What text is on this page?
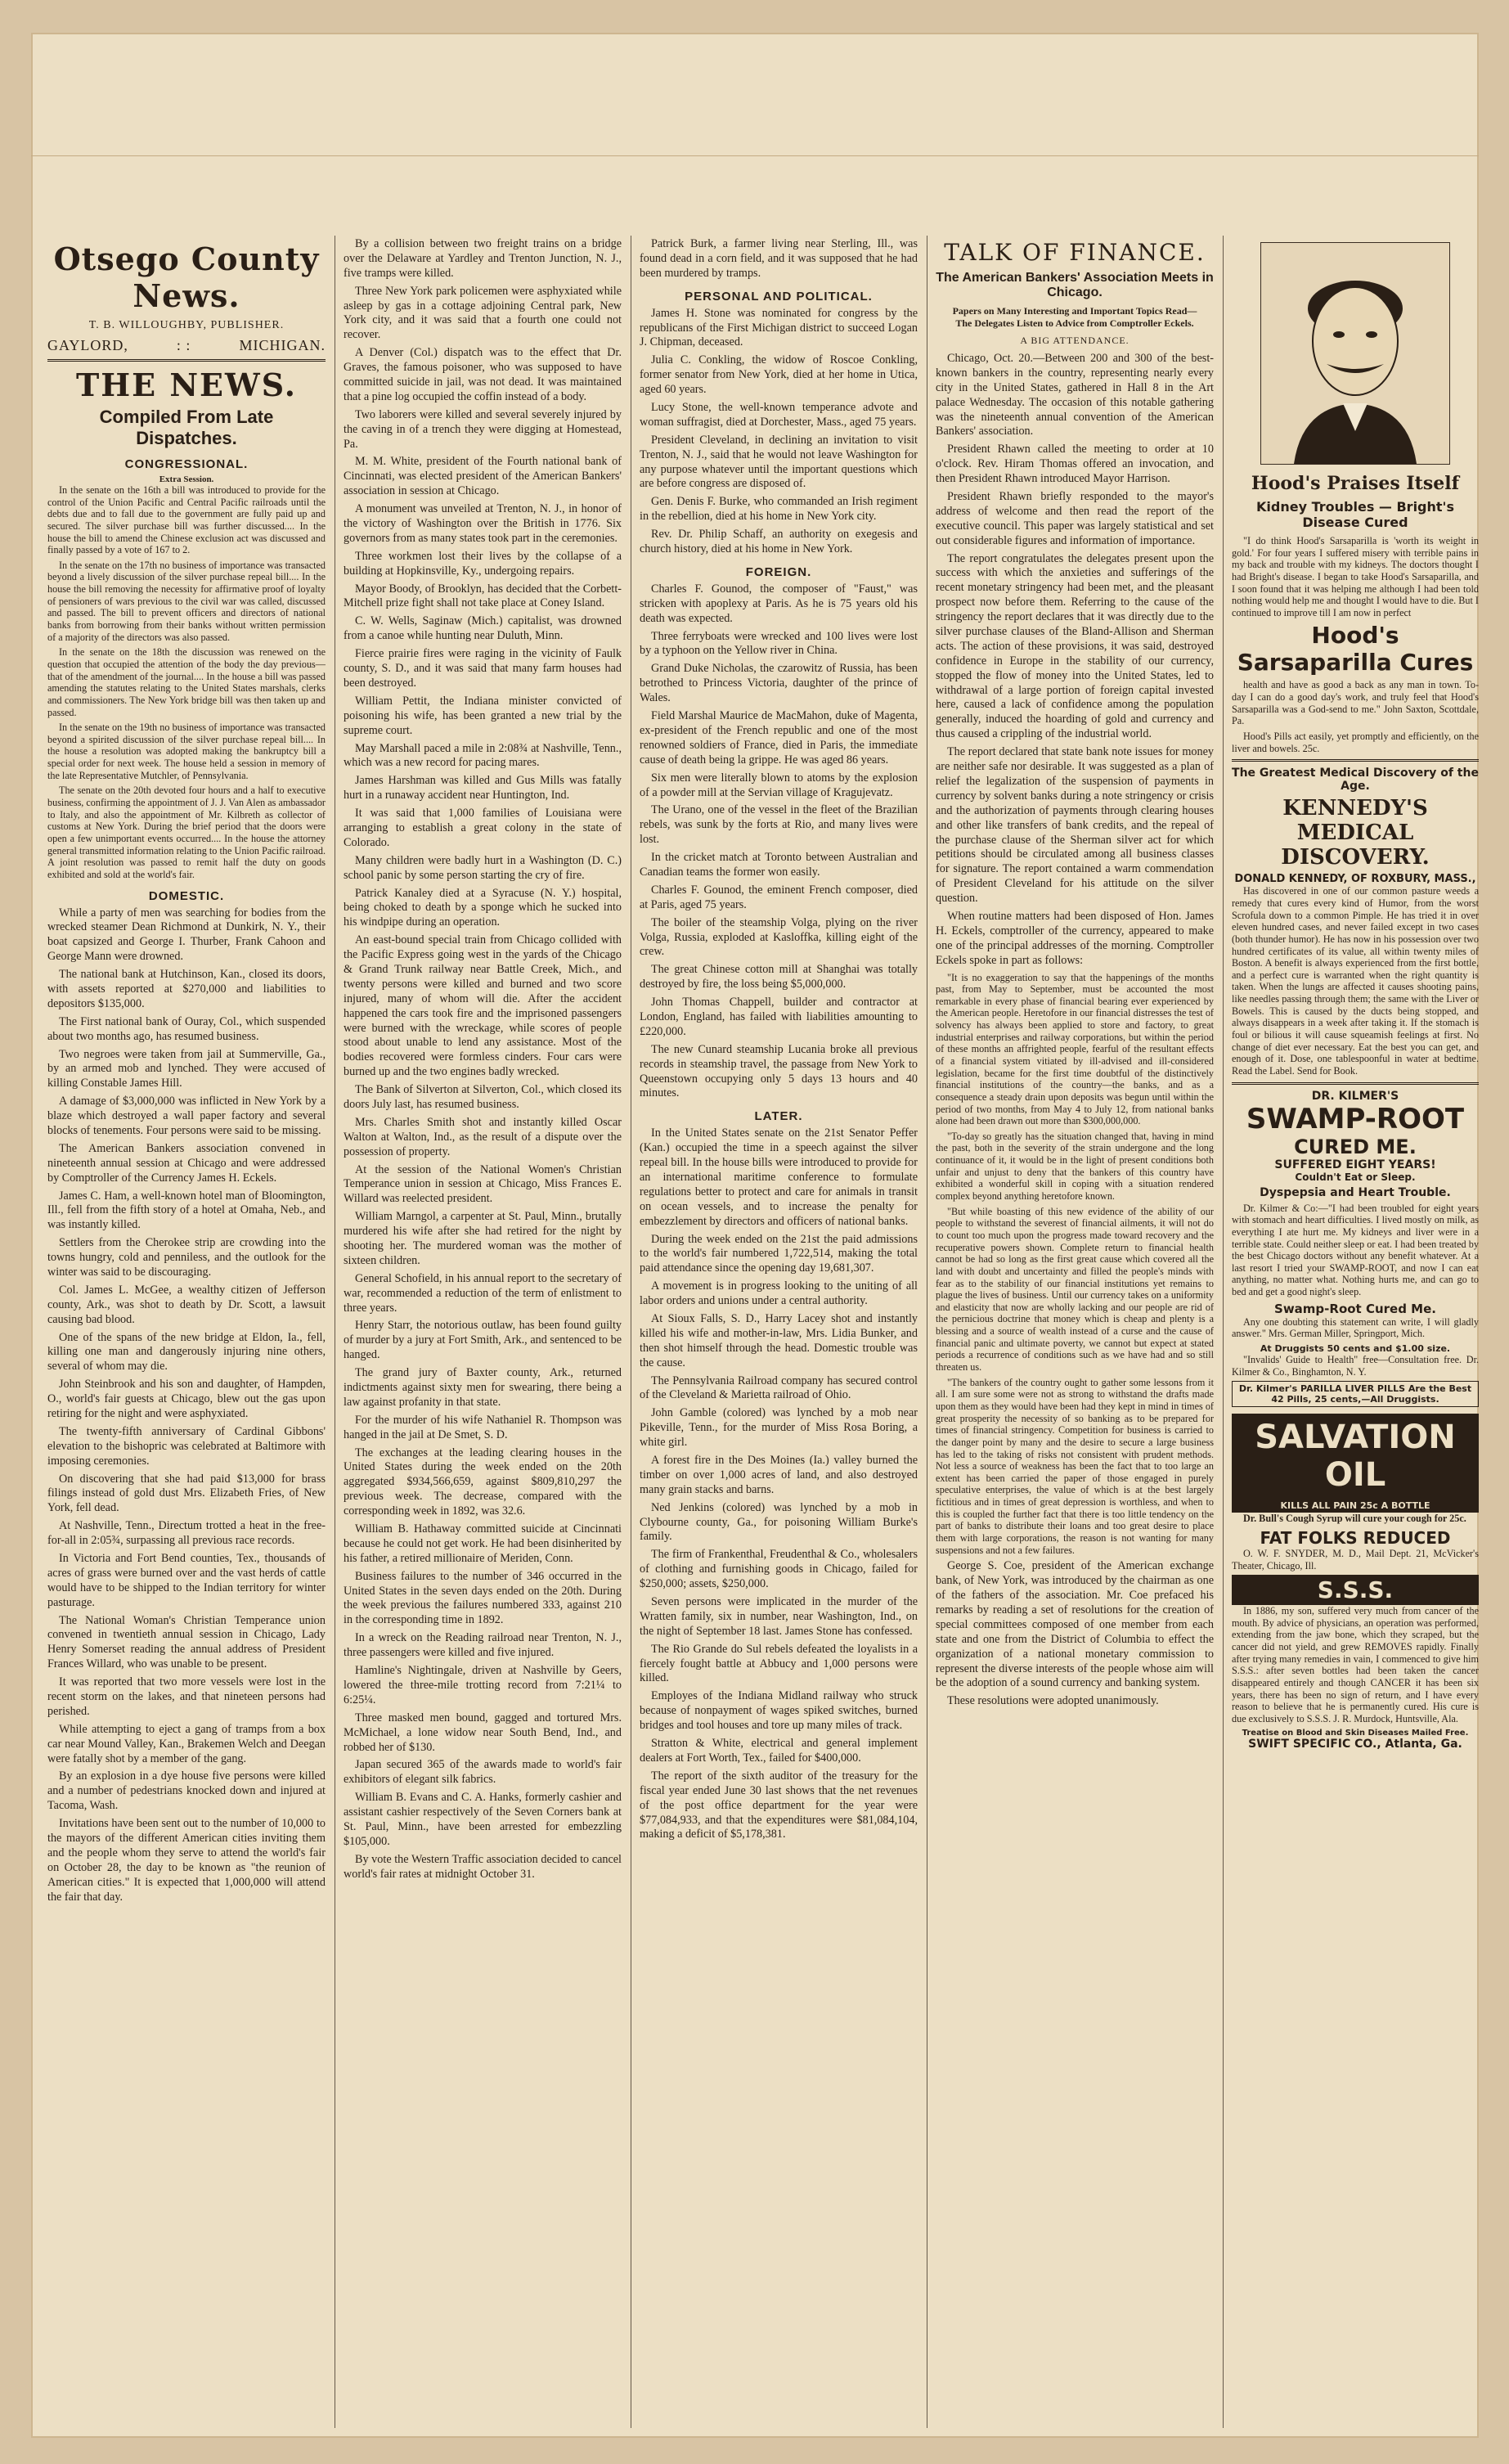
Otsego County News.
T. B. WILLOUGHBY, PUBLISHER.
GAYLORD,	: :	MICHIGAN.
THE NEWS.
Compiled From Late Dispatches.
CONGRESSIONAL.
Extra Session.

In the senate on the 16th a bill was introduced to provide for the control of the Union Pacific and Central Pacific railroads until the debts due and to fall due to the government are fully paid up and secured. The silver purchase bill was further discussed.... In the house the bill to amend the Chinese exclusion act was discussed and finally passed by a vote of 167 to 2.

In the senate on the 17th no business of importance was transacted beyond a lively discussion of the silver purchase repeal bill.... In the house the bill removing the necessity for affirmative proof of loyalty of pensioners of wars previous to the civil war was called, discussed and passed. The bill to prevent officers and directors of national banks from borrowing from their banks without written permission of a majority of the directors was also passed.

In the senate on the 18th the discussion was renewed on the question that occupied the attention of the body the day previous—that of the amendment of the journal.... In the house a bill was passed amending the statutes relating to the United States marshals, clerks and commissioners. The New York bridge bill was then taken up and passed.

In the senate on the 19th no business of importance was transacted beyond a spirited discussion of the silver purchase repeal bill.... In the house a resolution was adopted making the bankruptcy bill a special order for next week. The house held a session in memory of the late Representative Mutchler, of Pennsylvania.

The senate on the 20th devoted four hours and a half to executive business, confirming the appointment of J. J. Van Alen as ambassador to Italy, and also the appointment of Mr. Kilbreth as collector of customs at New York. During the brief period that the doors were open a few unimportant events occurred.... In the house the attorney general transmitted information relating to the Union Pacific railroad. A joint resolution was passed to remit half the duty on goods exhibited and sold at the world's fair.

DOMESTIC.

While a party of men was searching for bodies from the wrecked steamer Dean Richmond at Dunkirk, N. Y., their boat capsized and George I. Thurber, Frank Cahoon and George Mann were drowned.

The national bank at Hutchinson, Kan., closed its doors, with assets reported at $270,000 and liabilities to depositors $135,000.

The First national bank of Ouray, Col., which suspended about two months ago, has resumed business.

Two negroes were taken from jail at Summerville, Ga., by an armed mob and lynched. They were accused of killing Constable James Hill.

A damage of $3,000,000 was inflicted in New York by a blaze which destroyed a wall paper factory and several blocks of tenements. Four persons were said to be missing.

The American Bankers association convened in nineteenth annual session at Chicago and were addressed by Comptroller of the Currency James H. Eckels.

James C. Ham, a well-known hotel man of Bloomington, Ill., fell from the fifth story of a hotel at Omaha, Neb., and was instantly killed.

Settlers from the Cherokee strip are crowding into the towns hungry, cold and penniless, and the outlook for the winter was said to be discouraging.

Col. James L. McGee, a wealthy citizen of Jefferson county, Ark., was shot to death by Dr. Scott, a lawsuit causing bad blood.

One of the spans of the new bridge at Eldon, Ia., fell, killing one man and dangerously injuring nine others, several of whom may die.

John Steinbrook and his son and daughter, of Hampden, O., world's fair guests at Chicago, blew out the gas upon retiring for the night and were asphyxiated.

The twenty-fifth anniversary of Cardinal Gibbons' elevation to the bishopric was celebrated at Baltimore with imposing ceremonies.

On discovering that she had paid $13,000 for brass filings instead of gold dust Mrs. Elizabeth Fries, of New York, fell dead.

At Nashville, Tenn., Directum trotted a heat in the free-for-all in 2:05¾, surpassing all previous race records.

In Victoria and Fort Bend counties, Tex., thousands of acres of grass were burned over and the vast herds of cattle would have to be shipped to the Indian territory for winter pasturage.

The National Woman's Christian Temperance union convened in twentieth annual session in Chicago, Lady Henry Somerset reading the annual address of President Frances Willard, who was unable to be present.

It was reported that two more vessels were lost in the recent storm on the lakes, and that nineteen persons had perished.

While attempting to eject a gang of tramps from a box car near Mound Valley, Kan., Brakemen Welch and Deegan were fatally shot by a member of the gang.

By an explosion in a dye house five persons were killed and a number of pedestrians knocked down and injured at Tacoma, Wash.

Invitations have been sent out to the number of 10,000 to the mayors of the different American cities inviting them and the people whom they serve to attend the world's fair on October 28, the day to be known as "the reunion of American cities." It is expected that 1,000,000 will attend the fair that day.

By a collision between two freight trains on a bridge over the Delaware at Yardley and Trenton Junction, N. J., five tramps were killed.

Three New York park policemen were asphyxiated while asleep by gas in a cottage adjoining Central park, New York city, and it was said that a fourth one could not recover.

A Denver (Col.) dispatch was to the effect that Dr. Graves, the famous poisoner, who was supposed to have committed suicide in jail, was not dead. It was maintained that a pine log occupied the coffin instead of a body.

Two laborers were killed and several severely injured by the caving in of a trench they were digging at Homestead, Pa.

M. M. White, president of the Fourth national bank of Cincinnati, was elected president of the American Bankers' association in session at Chicago.

A monument was unveiled at Trenton, N. J., in honor of the victory of Washington over the British in 1776. Six governors from as many states took part in the ceremonies.

Three workmen lost their lives by the collapse of a building at Hopkinsville, Ky., undergoing repairs.

Mayor Boody, of Brooklyn, has decided that the Corbett-Mitchell prize fight shall not take place at Coney Island.

C. W. Wells, Saginaw (Mich.) capitalist, was drowned from a canoe while hunting near Duluth, Minn.

Fierce prairie fires were raging in the vicinity of Faulk county, S. D., and it was said that many farm houses had been destroyed.

William Pettit, the Indiana minister convicted of poisoning his wife, has been granted a new trial by the supreme court.

May Marshall paced a mile in 2:08¾ at Nashville, Tenn., which was a new record for pacing mares.

James Harshman was killed and Gus Mills was fatally hurt in a runaway accident near Huntington, Ind.

It was said that 1,000 families of Louisiana were arranging to establish a great colony in the state of Colorado.

Many children were badly hurt in a Washington (D. C.) school panic by some person starting the cry of fire.

Patrick Kanaley died at a Syracuse (N. Y.) hospital, being choked to death by a sponge which he sucked into his windpipe during an operation.

An east-bound special train from Chicago collided with the Pacific Express going west in the yards of the Chicago & Grand Trunk railway near Battle Creek, Mich., and twenty persons were killed and burned and two score injured, many of whom will die. After the accident happened the cars took fire and the imprisoned passengers were burned with the wreckage, while scores of people stood about unable to lend any assistance. Most of the bodies recovered were formless cinders. Four cars were burned up and the two engines badly wrecked.

The Bank of Silverton at Silverton, Col., which closed its doors July last, has resumed business.

Mrs. Charles Smith shot and instantly killed Oscar Walton at Walton, Ind., as the result of a dispute over the possession of property.

At the session of the National Women's Christian Temperance union in session at Chicago, Miss Frances E. Willard was reelected president.

William Marngol, a carpenter at St. Paul, Minn., brutally murdered his wife after she had retired for the night by shooting her. The murdered woman was the mother of sixteen children.

General Schofield, in his annual report to the secretary of war, recommended a reduction of the term of enlistment to three years.

Henry Starr, the notorious outlaw, has been found guilty of murder by a jury at Fort Smith, Ark., and sentenced to be hanged.

The grand jury of Baxter county, Ark., returned indictments against sixty men for swearing, there being a law against profanity in that state.

For the murder of his wife Nathaniel R. Thompson was hanged in the jail at De Smet, S. D.

The exchanges at the leading clearing houses in the United States during the week ended on the 20th aggregated $934,566,659, against $809,810,297 the previous week. The decrease, compared with the corresponding week in 1892, was 32.6.

William B. Hathaway committed suicide at Cincinnati because he could not get work. He had been disinherited by his father, a retired millionaire of Meriden, Conn.

Business failures to the number of 346 occurred in the United States in the seven days ended on the 20th. During the week previous the failures numbered 333, against 210 in the corresponding time in 1892.

In a wreck on the Reading railroad near Trenton, N. J., three passengers were killed and five injured.

Hamline's Nightingale, driven at Nashville by Geers, lowered the three-mile trotting record from 7:21¼ to 6:25¼.

Three masked men bound, gagged and tortured Mrs. McMichael, a lone widow near South Bend, Ind., and robbed her of $130.

Japan secured 365 of the awards made to world's fair exhibitors of elegant silk fabrics.

William B. Evans and C. A. Hanks, formerly cashier and assistant cashier respectively of the Seven Corners bank at St. Paul, Minn., have been arrested for embezzling $105,000.

By vote the Western Traffic association decided to cancel world's fair rates at midnight October 31.

Patrick Burk, a farmer living near Sterling, Ill., was found dead in a corn field, and it was supposed that he had been murdered by tramps.

PERSONAL AND POLITICAL.

James H. Stone was nominated for congress by the republicans of the First Michigan district to succeed Logan J. Chipman, deceased.

Julia C. Conkling, the widow of Roscoe Conkling, former senator from New York, died at her home in Utica, aged 60 years.

Lucy Stone, the well-known temperance advote and woman suffragist, died at Dorchester, Mass., aged 75 years.

President Cleveland, in declining an invitation to visit Trenton, N. J., said that he would not leave Washington for any purpose whatever until the important questions which are before congress are disposed of.

Gen. Denis F. Burke, who commanded an Irish regiment in the rebellion, died at his home in New York city.

Rev. Dr. Philip Schaff, an authority on exegesis and church history, died at his home in New York.

FOREIGN.

Charles F. Gounod, the composer of "Faust," was stricken with apoplexy at Paris. As he is 75 years old his death was expected.

Three ferryboats were wrecked and 100 lives were lost by a typhoon on the Yellow river in China.

Grand Duke Nicholas, the czarowitz of Russia, has been betrothed to Princess Victoria, daughter of the prince of Wales.

Field Marshal Maurice de MacMahon, duke of Magenta, ex-president of the French republic and one of the most renowned soldiers of France, died in Paris, the immediate cause of death being la grippe. He was aged 86 years.

Six men were literally blown to atoms by the explosion of a powder mill at the Servian village of Kragujevatz.

The Urano, one of the vessel in the fleet of the Brazilian rebels, was sunk by the forts at Rio, and many lives were lost.

In the cricket match at Toronto between Australian and Canadian teams the former won easily.

Charles F. Gounod, the eminent French composer, died at Paris, aged 75 years.

The boiler of the steamship Volga, plying on the river Volga, Russia, exploded at Kasloffka, killing eight of the crew.

The great Chinese cotton mill at Shanghai was totally destroyed by fire, the loss being $5,000,000.

John Thomas Chappell, builder and contractor at London, England, has failed with liabilities amounting to £220,000.

The new Cunard steamship Lucania broke all previous records in steamship travel, the passage from New York to Queenstown occupying only 5 days 13 hours and 40 minutes.

LATER.

In the United States senate on the 21st Senator Peffer (Kan.) occupied the time in a speech against the silver repeal bill. In the house bills were introduced to provide for an international maritime conference to formulate regulations better to protect and care for animals in transit on ocean vessels, and to increase the penalty for embezzlement by directors and officers of national banks.

During the week ended on the 21st the paid admissions to the world's fair numbered 1,722,514, making the total paid attendance since the opening day 19,681,307.

A movement is in progress looking to the uniting of all labor orders and unions under a central authority.

At Sioux Falls, S. D., Harry Lacey shot and instantly killed his wife and mother-in-law, Mrs. Lidia Bunker, and then shot himself through the head. Domestic trouble was the cause.

The Pennsylvania Railroad company has secured control of the Cleveland & Marietta railroad of Ohio.

John Gamble (colored) was lynched by a mob near Pikeville, Tenn., for the murder of Miss Rosa Boring, a white girl.

A forest fire in the Des Moines (Ia.) valley burned the timber on over 1,000 acres of land, and also destroyed many grain stacks and barns.

Ned Jenkins (colored) was lynched by a mob in Clybourne county, Ga., for poisoning William Burke's family.

The firm of Frankenthal, Freudenthal & Co., wholesalers of clothing and furnishing goods in Chicago, failed for $250,000; assets, $250,000.

Seven persons were implicated in the murder of the Wratten family, six in number, near Washington, Ind., on the night of September 18 last. James Stone has confessed.

The Rio Grande do Sul rebels defeated the loyalists in a fiercely fought battle at Abbucy and 1,000 persons were killed.

Employes of the Indiana Midland railway who struck because of nonpayment of wages spiked switches, burned bridges and tool houses and tore up many miles of track.

Stratton & White, electrical and general implement dealers at Fort Worth, Tex., failed for $400,000.

The report of the sixth auditor of the treasury for the fiscal year ended June 30 last shows that the net revenues of the post office department for the year were $77,084,933, and that the expenditures were $81,084,104, making a deficit of $5,178,381.

TALK OF FINANCE.
The American Bankers' Association Meets in Chicago.
Papers on Many Interesting and Important Topics Read—The Delegates Listen to Advice from Comptroller Eckels.
A BIG ATTENDANCE.

Chicago, Oct. 20.—Between 200 and 300 of the best-known bankers in the country, representing nearly every city in the United States, gathered in Hall 8 in the Art palace Wednesday. The occasion of this notable gathering was the nineteenth annual convention of the American Bankers' association.

President Rhawn called the meeting to order at 10 o'clock. Rev. Hiram Thomas offered an invocation, and then President Rhawn introduced Mayor Harrison.

President Rhawn briefly responded to the mayor's address of welcome and then read the report of the executive council. This paper was largely statistical and set out considerable figures and information of importance.

The report congratulates the delegates present upon the success with which the anxieties and sufferings of the recent monetary stringency had been met, and the pleasant prospect now before them. Referring to the cause of the stringency the report declares that it was directly due to the silver purchase clauses of the Bland-Allison and Sherman acts. The action of these provisions, it was said, destroyed confidence in Europe in the stability of our currency, stopped the flow of money into the United States, led to withdrawal of a large portion of foreign capital invested here, caused a lack of confidence among the population generally, induced the hoarding of gold and currency and thus caused a crippling of the industrial world.

The report declared that state bank note issues for money are neither safe nor desirable. It was suggested as a plan of relief the legalization of the suspension of payments in currency by solvent banks during a note stringency or crisis and the authorization of payments through clearing houses and other like transfers of bank credits, and the repeal of the purchase clause of the Sherman silver act for which petitions should be circulated among all business classes for signature. The report contained a warm commendation of President Cleveland for his attitude on the silver question.

When routine matters had been disposed of Hon. James H. Eckels, comptroller of the currency, appeared to make one of the principal addresses of the morning. Comptroller Eckels spoke in part as follows:

"It is no exaggeration to say that the happenings of the months past, from May to September, must be accounted the most remarkable in every phase of financial bearing ever experienced by the American people. Heretofore in our financial distresses the test of solvency has always been applied to store and factory, to great industrial enterprises and railway corporations, but within the period of these months an affrighted people, fearful of the resultant effects of a financial system vitiated by ill-advised and ill-considered legislation, became for the first time doubtful of the distinctively financial institutions of the country—the banks, and as a consequence a steady drain upon deposits was begun until within the period of two months, from May 4 to July 12, from national banks alone had been drawn out more than $300,000,000.

"To-day so greatly has the situation changed that, having in mind the past, both in the severity of the strain undergone and the long continuance of it, it would be in the light of present conditions both unfair and unjust to deny that the bankers of this country have exhibited a wonderful skill in coping with a situation rendered complex beyond anything heretofore known.

"But while boasting of this new evidence of the ability of our people to withstand the severest of financial ailments, it will not do to count too much upon the progress made toward recovery and the recuperative powers shown. Complete return to financial health cannot be had so long as the first great cause which covered all the land with doubt and uncertainty and filled the people's minds with fear as to the stability of our financial institutions yet remains to plague the lives of business. Until our currency takes on a uniformity and elasticity that now are wholly lacking and our people are rid of the pernicious doctrine that money which is cheap and plenty is a blessing and a source of wealth instead of a curse and the cause of financial panic and ultimate poverty, we cannot but expect at stated periods a recurrence of conditions such as we have had and so still threaten us.

"The bankers of the country ought to gather some lessons from it all. I am sure some were not as strong to withstand the drafts made upon them as they would have been had they kept in mind in times of great prosperity the necessity of so banking as to be prepared for times of financial stringency. Competition for business is carried to the danger point by many and the desire to secure a large business has led to the taking of risks not consistent with prudent methods. Not less a source of weakness has been the fact that to too large an extent has been carried the paper of those engaged in purely speculative enterprises, the value of which is at the best largely fictitious and in times of great depression is worthless, and when to this is coupled the further fact that there is too little tendency on the part of banks to distribute their loans and too great desire to place them with large corporations, the reason is not wanting for many suspensions and not a few failures.

George S. Coe, president of the American exchange bank, of New York, was introduced by the chairman as one of the fathers of the association. Mr. Coe prefaced his remarks by reading a set of resolutions for the creation of special committees composed of one member from each state and one from the District of Columbia to effect the organization of a national monetary commission to represent the diverse interests of the people whose aim will be the adoption of a sound currency and banking system.

These resolutions were adopted unanimously.

Hood's Praises Itself
Kidney Troubles — Bright's Disease Cured

"I do think Hood's Sarsaparilla is 'worth its weight in gold.' For four years I suffered misery with terrible pains in my back and trouble with my kidneys. The doctors thought I had Bright's disease. I began to take Hood's Sarsaparilla, and I soon found that it was helping me although I had been told nothing would help me and thought I would have to die. But I continued to improve till I am now in perfect

Hood's Sarsaparilla Cures

health and have as good a back as any man in town. To-day I can do a good day's work, and truly feel that Hood's Sarsaparilla was a God-send to me." John Saxton, Scottdale, Pa.

Hood's Pills act easily, yet promptly and efficiently, on the liver and bowels. 25c.

The Greatest Medical Discovery of the Age.
KENNEDY'S MEDICAL DISCOVERY.
DONALD KENNEDY, OF ROXBURY, MASS.,

Has discovered in one of our common pasture weeds a remedy that cures every kind of Humor, from the worst Scrofula down to a common Pimple. He has tried it in over eleven hundred cases, and never failed except in two cases (both thunder humor). He has now in his possession over two hundred certificates of its value, all within twenty miles of Boston. A benefit is always experienced from the first bottle, and a perfect cure is warranted when the right quantity is taken. When the lungs are affected it causes shooting pains, like needles passing through them; the same with the Liver or Bowels. This is caused by the ducts being stopped, and always disappears in a week after taking it. If the stomach is foul or bilious it will cause squeamish feelings at first. No change of diet ever necessary. Eat the best you can get, and enough of it. Dose, one tablespoonful in water at bedtime. Read the Label. Send for Book.

DR. KILMER'S
SWAMP-ROOT
CURED ME.
SUFFERED EIGHT YEARS!
Couldn't Eat or Sleep.
Dyspepsia and Heart Trouble.

Dr. Kilmer & Co:—"I had been troubled for eight years with stomach and heart difficulties. I lived mostly on milk, as everything I ate hurt me. My kidneys and liver were in a terrible state. Could neither sleep or eat. I had been treated by the best Chicago doctors without any benefit whatever. At a last resort I tried your SWAMP-ROOT, and now I can eat anything, no matter what. Nothing hurts me, and can go to bed and get a good night's sleep.

Swamp-Root Cured Me.

Any one doubting this statement can write, I will gladly answer." Mrs. German Miller, Springport, Mich.

At Druggists 50 cents and $1.00 size.

"Invalids' Guide to Health" free—Consultation free. Dr. Kilmer & Co., Binghamton, N. Y.

Dr. Kilmer's PARILLA LIVER PILLS Are the Best 42 Pills, 25 cents,—All Druggists.
SALVATION OIL
KILLS ALL PAIN 25c A BOTTLE

Dr. Bull's Cough Syrup will cure your cough for 25c.

FAT FOLKS REDUCED

O. W. F. SNYDER, M. D., Mail Dept. 21, McVicker's Theater, Chicago, Ill.

S.S.S.

In 1886, my son, suffered very much from cancer of the mouth. By advice of physicians, an operation was performed, extending from the jaw bone, which they scraped, but the cancer did not yield, and grew REMOVES rapidly. Finally after trying many remedies in vain, I commenced to give him S.S.S.: after seven bottles had been taken the cancer disappeared entirely and though CANCER it has been six years, there has been no sign of return, and I have every reason to believe that he is permanently cured. His cure is due exclusively to S.S.S. J. R. Murdock, Huntsville, Ala.

Treatise on Blood and Skin Diseases Mailed Free.
SWIFT SPECIFIC CO., Atlanta, Ga.
